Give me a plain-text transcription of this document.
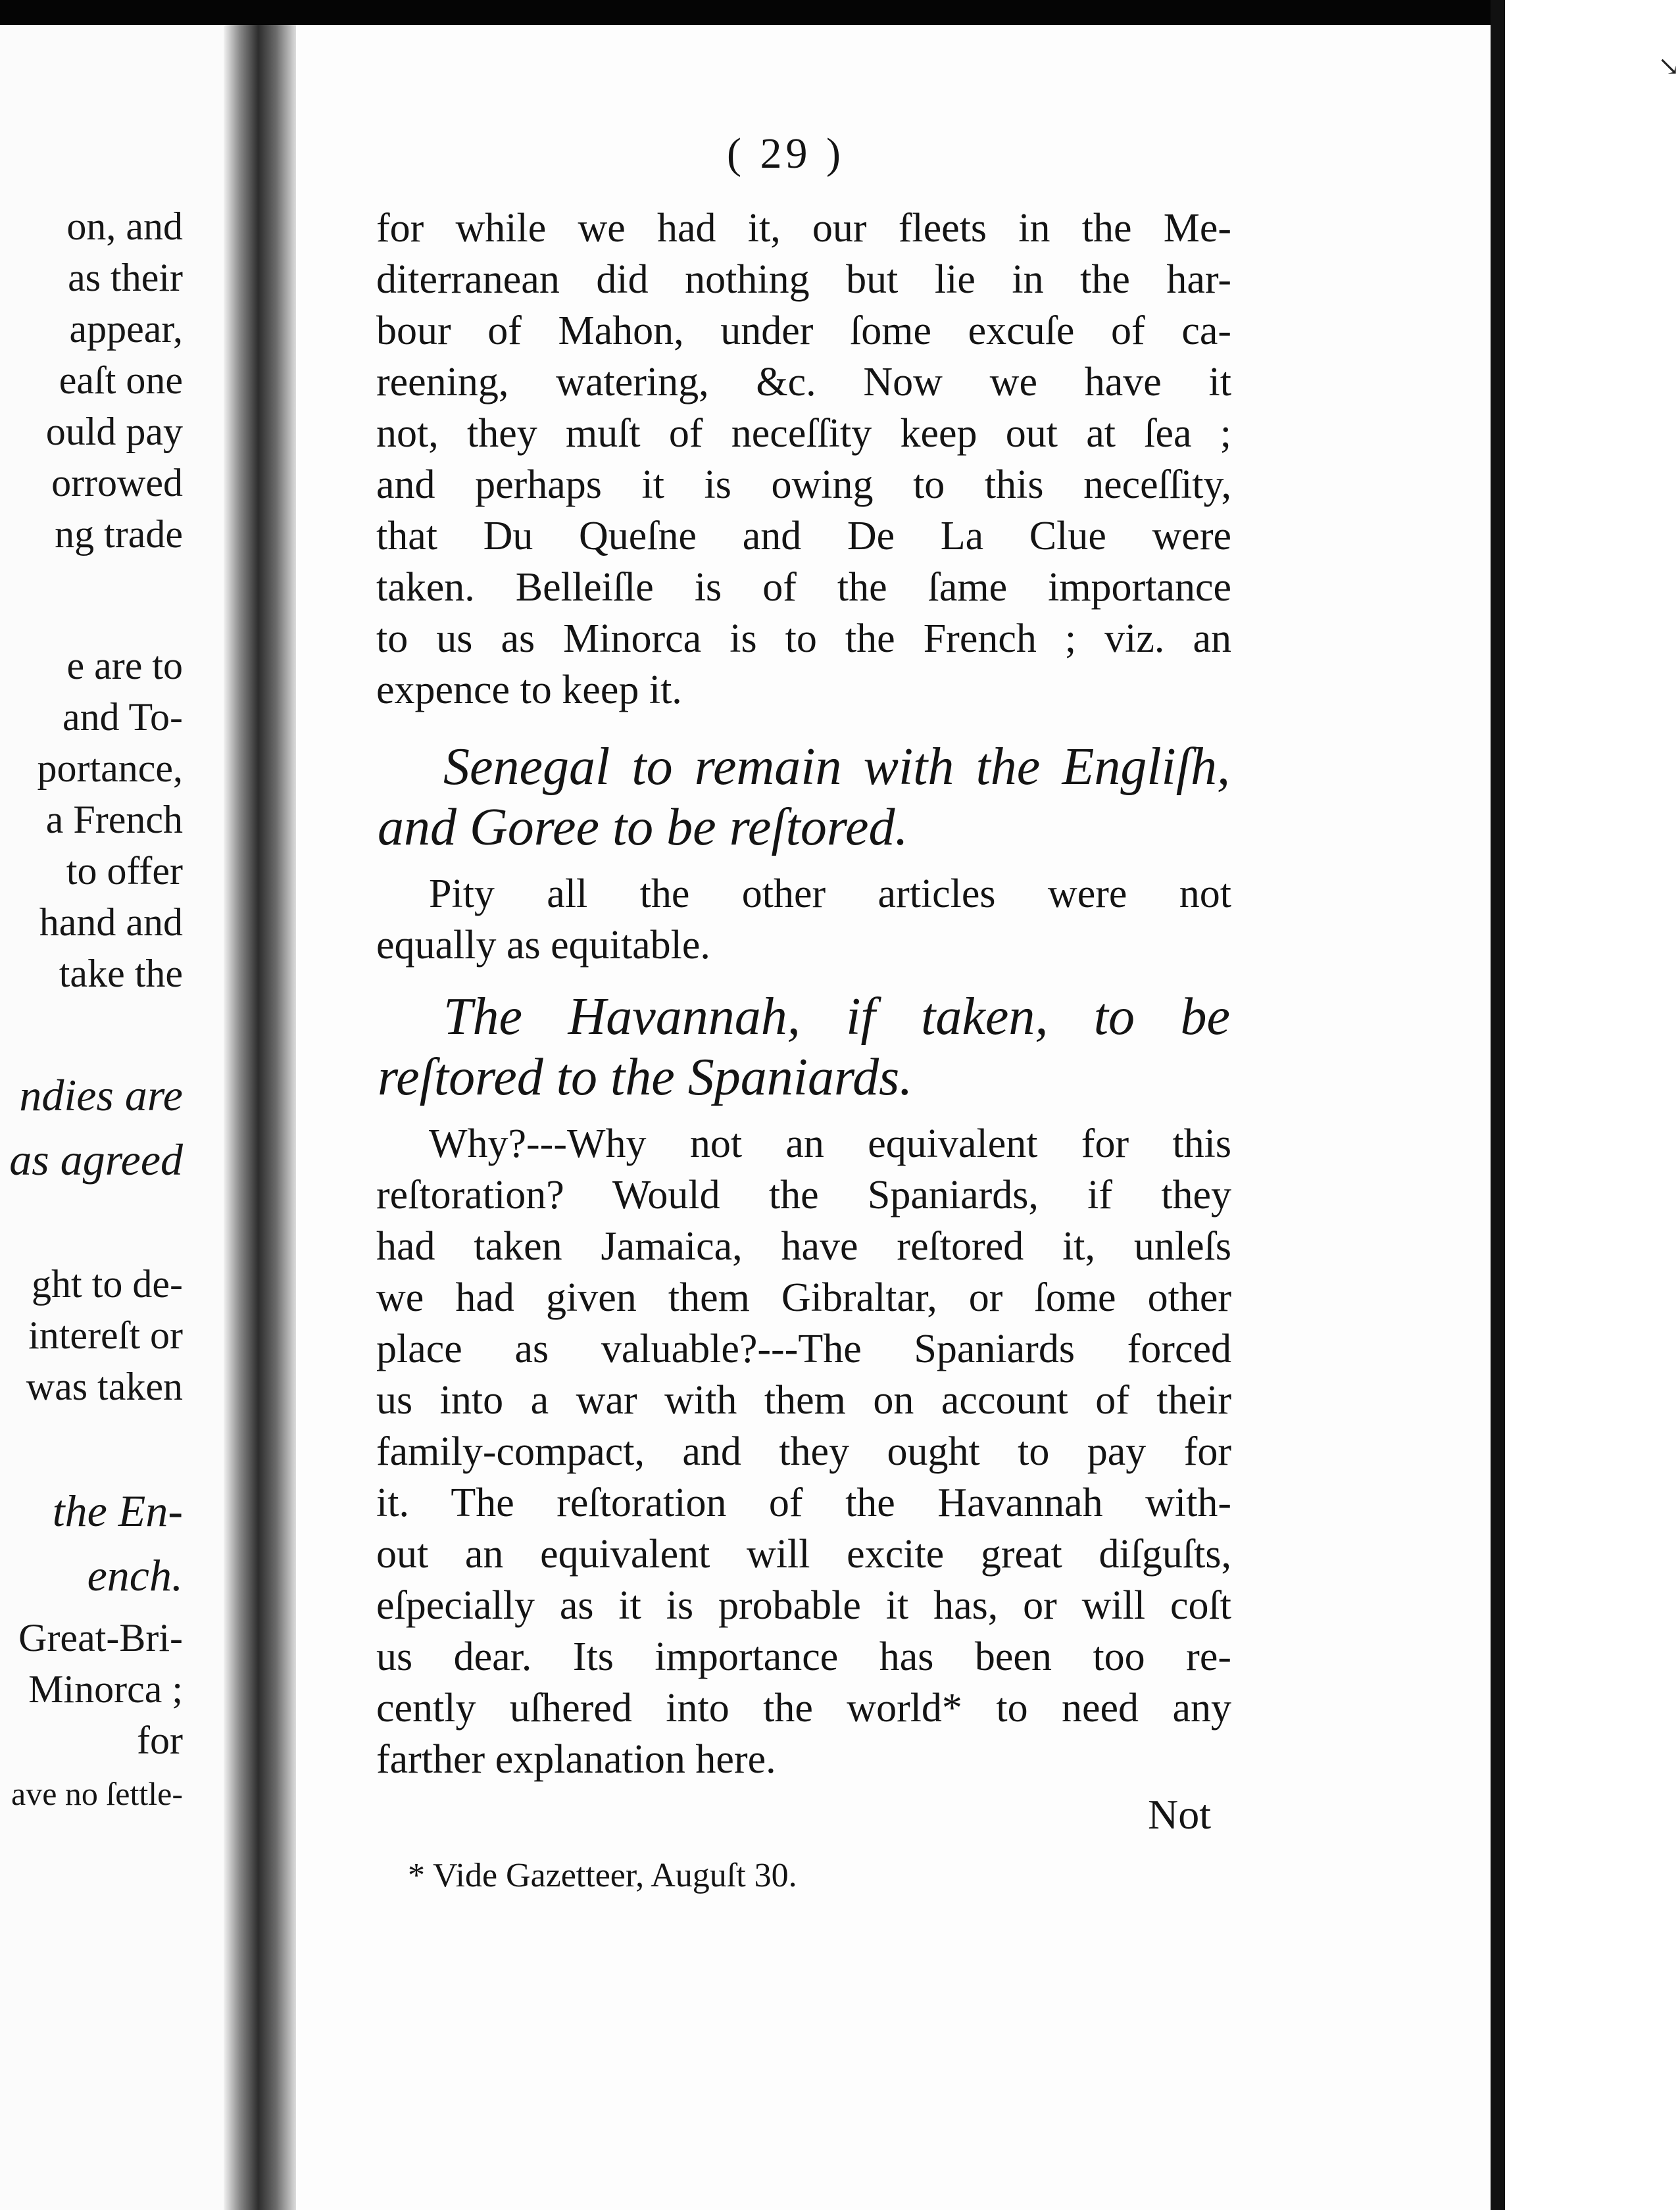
on, and
as their
appear,
eaſt one
ould pay
orrowed
ng trade
e are to
and To-
portance,
a French
to offer
hand and
take the
ndies are
as agreed
ght to de-
intereſt or
was taken
the En-
ench.
Great-Bri-
Minorca ;
for
ave no ſettle-
↘
( 29 )
for while we had it, our fleets in the Me-
diterranean did nothing but lie in the har-
bour of Mahon, under ſome excuſe of ca-
reening, watering, &c. Now we have it
not, they muſt of neceſſity keep out at ſea ;
and perhaps it is owing to this neceſſity,
that Du Queſne and De La Clue were
taken. Belleiſle is of the ſame importance
to us as Minorca is to the French ; viz. an
expence to keep it.
Senegal to remain with the Engliſh,
and Goree to be reſtored.
Pity all the other articles were not
equally as equitable.
The Havannah, if taken, to be
reſtored to the Spaniards.
Why?---Why not an equivalent for this
reſtoration? Would the Spaniards, if they
had taken Jamaica, have reſtored it, unleſs
we had given them Gibraltar, or ſome other
place as valuable?---The Spaniards forced
us into a war with them on account of their
family-compact, and they ought to pay for
it. The reſtoration of the Havannah with-
out an equivalent will excite great diſguſts,
eſpecially as it is probable it has, or will coſt
us dear. Its importance has been too re-
cently uſhered into the world* to need any
farther explanation here.
Not
* Vide Gazetteer, Auguſt 30.
